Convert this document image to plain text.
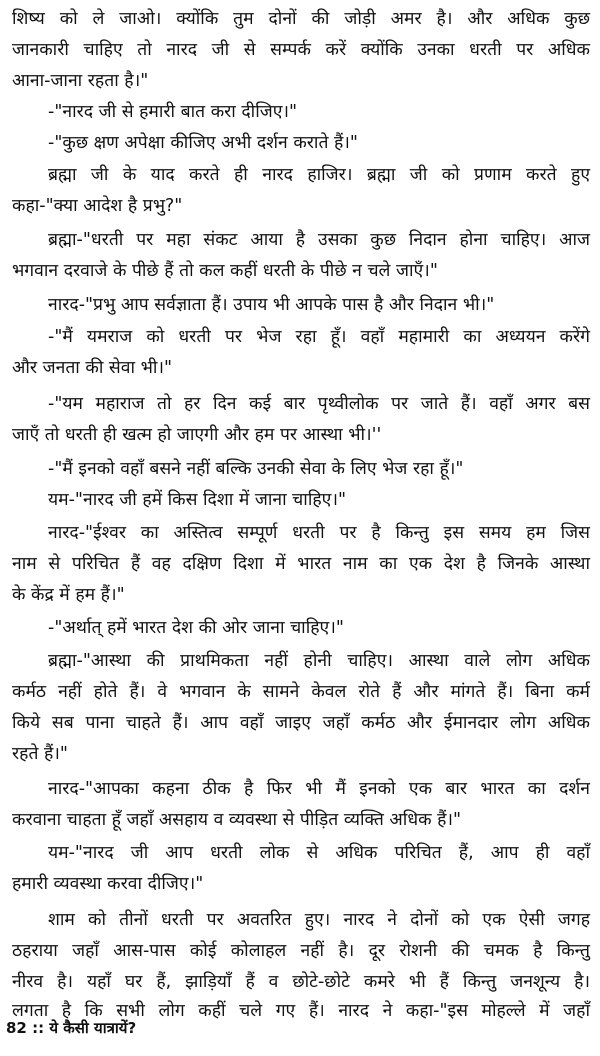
शिष्य को ले जाओ। क्योंकि तुम दोनों की जोड़ी अमर है। और अधिक कुछ
जानकारी चाहिए तो नारद जी से सम्पर्क करें क्योंकि उनका धरती पर अधिक
आना-जाना रहता है।"
-"नारद जी से हमारी बात करा दीजिए।"
-"कुछ क्षण अपेक्षा कीजिए अभी दर्शन कराते हैं।"
ब्रह्मा जी के याद करते ही नारद हाजिर। ब्रह्मा जी को प्रणाम करते हुए
कहा-"क्या आदेश है प्रभु?"
ब्रह्मा-"धरती पर महा संकट आया है उसका कुछ निदान होना चाहिए। आज
भगवान दरवाजे के पीछे हैं तो कल कहीं धरती के पीछे न चले जाएँ।"
नारद-"प्रभु आप सर्वज्ञाता हैं। उपाय भी आपके पास है और निदान भी।"
-"मैं यमराज को धरती पर भेज रहा हूँ। वहाँ महामारी का अध्ययन करेंगे
और जनता की सेवा भी।"
-"यम महाराज तो हर दिन कई बार पृथ्वीलोक पर जाते हैं। वहाँ अगर बस
जाएँ तो धरती ही खत्म हो जाएगी और हम पर आस्था भी।''
-"मैं इनको वहाँ बसने नहीं बल्कि उनकी सेवा के लिए भेज रहा हूँ।"
यम-"नारद जी हमें किस दिशा में जाना चाहिए।"
नारद-"ईश्वर का अस्तित्व सम्पूर्ण धरती पर है किन्तु इस समय हम जिस
नाम से परिचित हैं वह दक्षिण दिशा में भारत नाम का एक देश है जिनके आस्था
के केंद्र में हम हैं।"
-"अर्थात् हमें भारत देश की ओर जाना चाहिए।"
ब्रह्मा-"आस्था की प्राथमिकता नहीं होनी चाहिए। आस्था वाले लोग अधिक
कर्मठ नहीं होते हैं। वे भगवान के सामने केवल रोते हैं और मांगते हैं। बिना कर्म
किये सब पाना चाहते हैं। आप वहाँ जाइए जहाँ कर्मठ और ईमानदार लोग अधिक
रहते हैं।"
नारद-"आपका कहना ठीक है फिर भी मैं इनको एक बार भारत का दर्शन
करवाना चाहता हूँ जहाँ असहाय व व्यवस्था से पीड़ित व्यक्ति अधिक हैं।"
यम-"नारद जी आप धरती लोक से अधिक परिचित हैं, आप ही वहाँ
हमारी व्यवस्था करवा दीजिए।"
शाम को तीनों धरती पर अवतरित हुए। नारद ने दोनों को एक ऐसी जगह
ठहराया जहाँ आस-पास कोई कोलाहल नहीं है। दूर रोशनी की चमक है किन्तु
नीरव है। यहाँ घर हैं, झाड़ियाँ हैं व छोटे-छोटे कमरे भी हैं किन्तु जनशून्य है।
लगता है कि सभी लोग कहीं चले गए हैं। नारद ने कहा-"इस मोहल्ले में जहाँ
82 :: ये कैसी यात्रायें?
